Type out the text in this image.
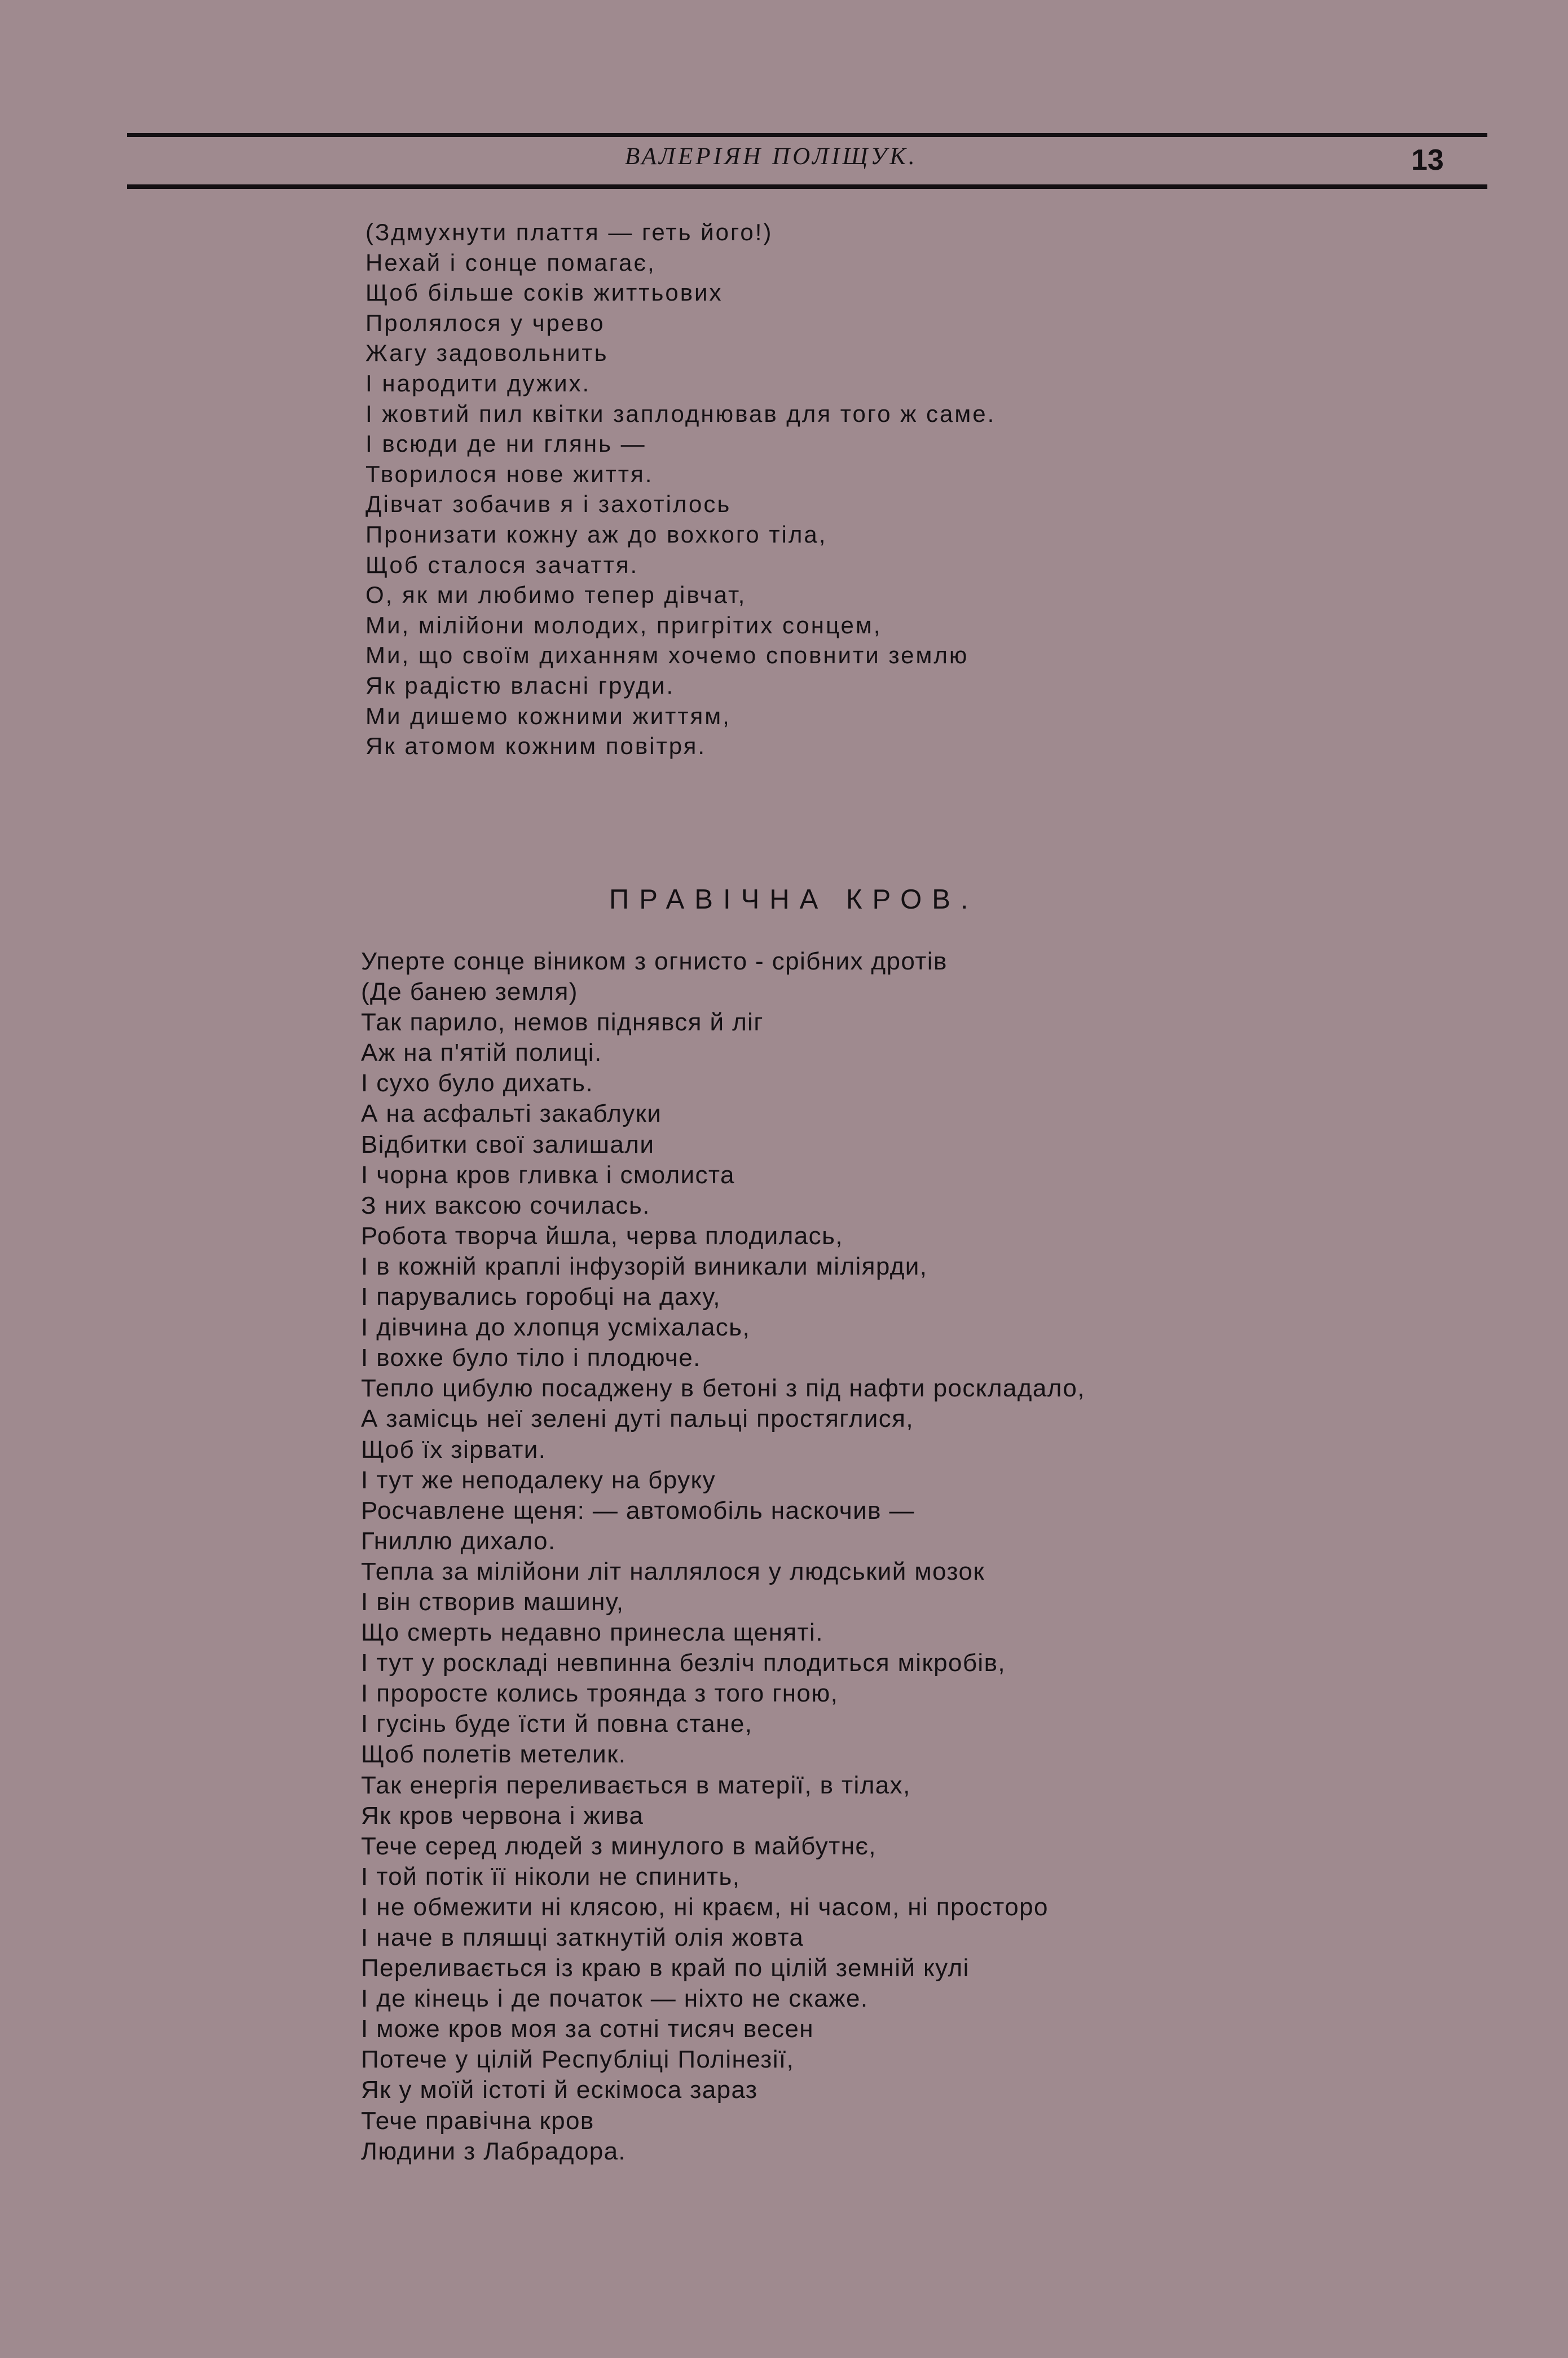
ВАЛЕРІЯН ПОЛІЩУК.	13
(Здмухнути плаття — геть його!)
Нехай і сонце помагає,
Щоб більше соків життьових
Пролялося у чрево
Жагу задовольнить
І народити дужих.
І жовтий пил квітки заплоднював для того ж саме.
І всюди де ни глянь —
Творилося нове життя.
Дівчат зобачив я і захотілось
Пронизати кожну аж до вохкого тіла,
Щоб сталося зачаття.
О, як ми любимо тепер дівчат,
Ми, мілійони молодих, пригрітих сонцем,
Ми, що своїм диханням хочемо сповнити землю
Як радістю власні груди.
Ми дишемо кожними життям,
Як атомом кожним повітря.
ПРАВІЧНА КРОВ.
Уперте сонце віником з огнисто - срібних дротів
(Де банею земля)
Так парило, немов піднявся й ліг
Аж на п'ятій полиці.
І сухо було дихать.
А на асфальті закаблуки
Відбитки свої залишали
І чорна кров гливка і смолиста
З них ваксою сочилась.
Робота творча йшла, черва плодилась,
І в кожній краплі інфузорій виникали міліярди,
І парувались горобці на даху,
І дівчина до хлопця усміхалась,
І вохке було тіло і плодюче.
Тепло цибулю посаджену в бетоні з під нафти роскладало,
А замісць неї зелені дуті пальці простяглися,
Щоб їх зірвати.
І тут же неподалеку на бруку
Росчавлене щеня: — автомобіль наскочив —
Гниллю дихало.
Тепла за мілійони літ наллялося у людський мозок
І він створив машину,
Що смерть недавно принесла щеняті.
І тут у роскладі невпинна безліч плодиться мікробів,
І проросте колись троянда з того гною,
І гусінь буде їсти й повна стане,
Щоб полетів метелик.
Так енергія переливається в матерії, в тілах,
Як кров червона і жива
Тече серед людей з минулого в майбутнє,
І той потік її ніколи не спинить,
І не обмежити ні клясою, ні краєм, ні часом, ні просторо
І наче в пляшці заткнутій олія жовта
Переливається із краю в край по цілій земній кулі
І де кінець і де початок — ніхто не скаже.
І може кров моя за сотні тисяч весен
Потече у цілій Республіці Полінезії,
Як у моїй істоті й ескімоса зараз
Тече правічна кров
Людини з Лабрадора.
